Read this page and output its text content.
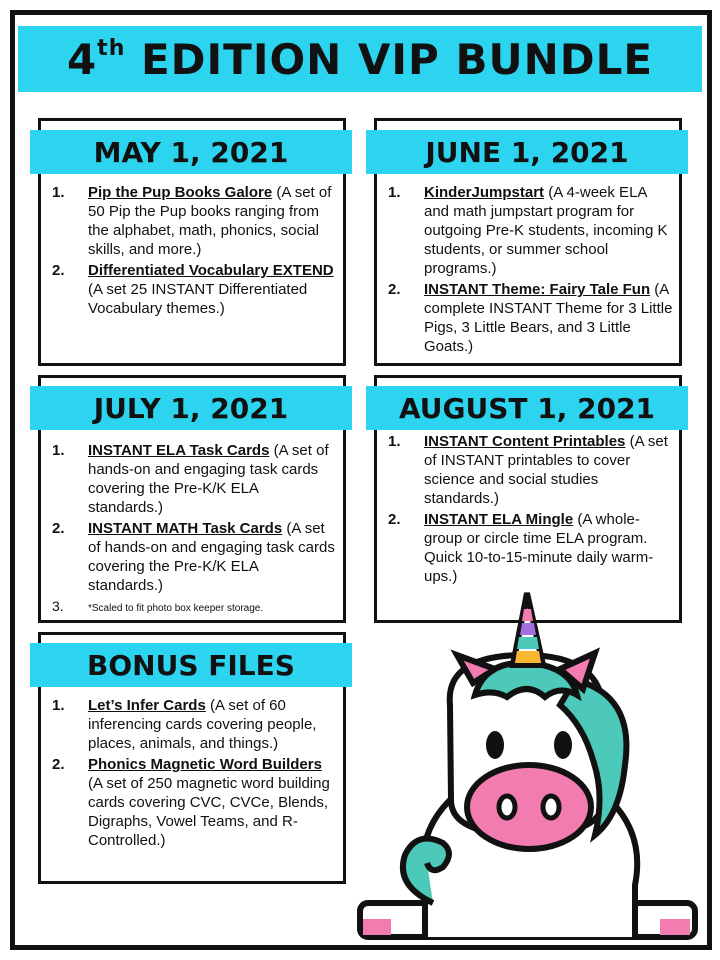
4th EDITION VIP BUNDLE
MAY 1, 2021
1. Pip the Pup Books Galore (A set of 50 Pip the Pup books ranging from the alphabet, math, phonics, social skills, and more.)
2. Differentiated Vocabulary EXTEND (A set 25 INSTANT Differentiated Vocabulary themes.)
JUNE 1, 2021
1. KinderJumpstart (A 4-week ELA and math jumpstart program for outgoing Pre-K students, incoming K students, or summer school programs.)
2. INSTANT Theme: Fairy Tale Fun (A complete INSTANT Theme for 3 Little Pigs, 3 Little Bears, and 3 Little Goats.)
JULY 1, 2021
1. INSTANT ELA Task Cards (A set of hands-on and engaging task cards covering the Pre-K/K ELA standards.)
2. INSTANT MATH Task Cards (A set of hands-on and engaging task cards covering the Pre-K/K ELA standards.)
3. *Scaled to fit photo box keeper storage.
AUGUST 1, 2021
1. INSTANT Content Printables (A set of INSTANT printables to cover science and social studies standards.)
2. INSTANT ELA Mingle (A whole-group or circle time ELA program. Quick 10-to-15-minute daily warm-ups.)
BONUS FILES
1. Let’s Infer Cards (A set of 60 inferencing cards covering people, places, animals, and things.)
2. Phonics Magnetic Word Builders (A set of 250 magnetic word building cards covering CVC, CVCe, Blends, Digraphs, Vowel Teams, and R-Controlled.)
